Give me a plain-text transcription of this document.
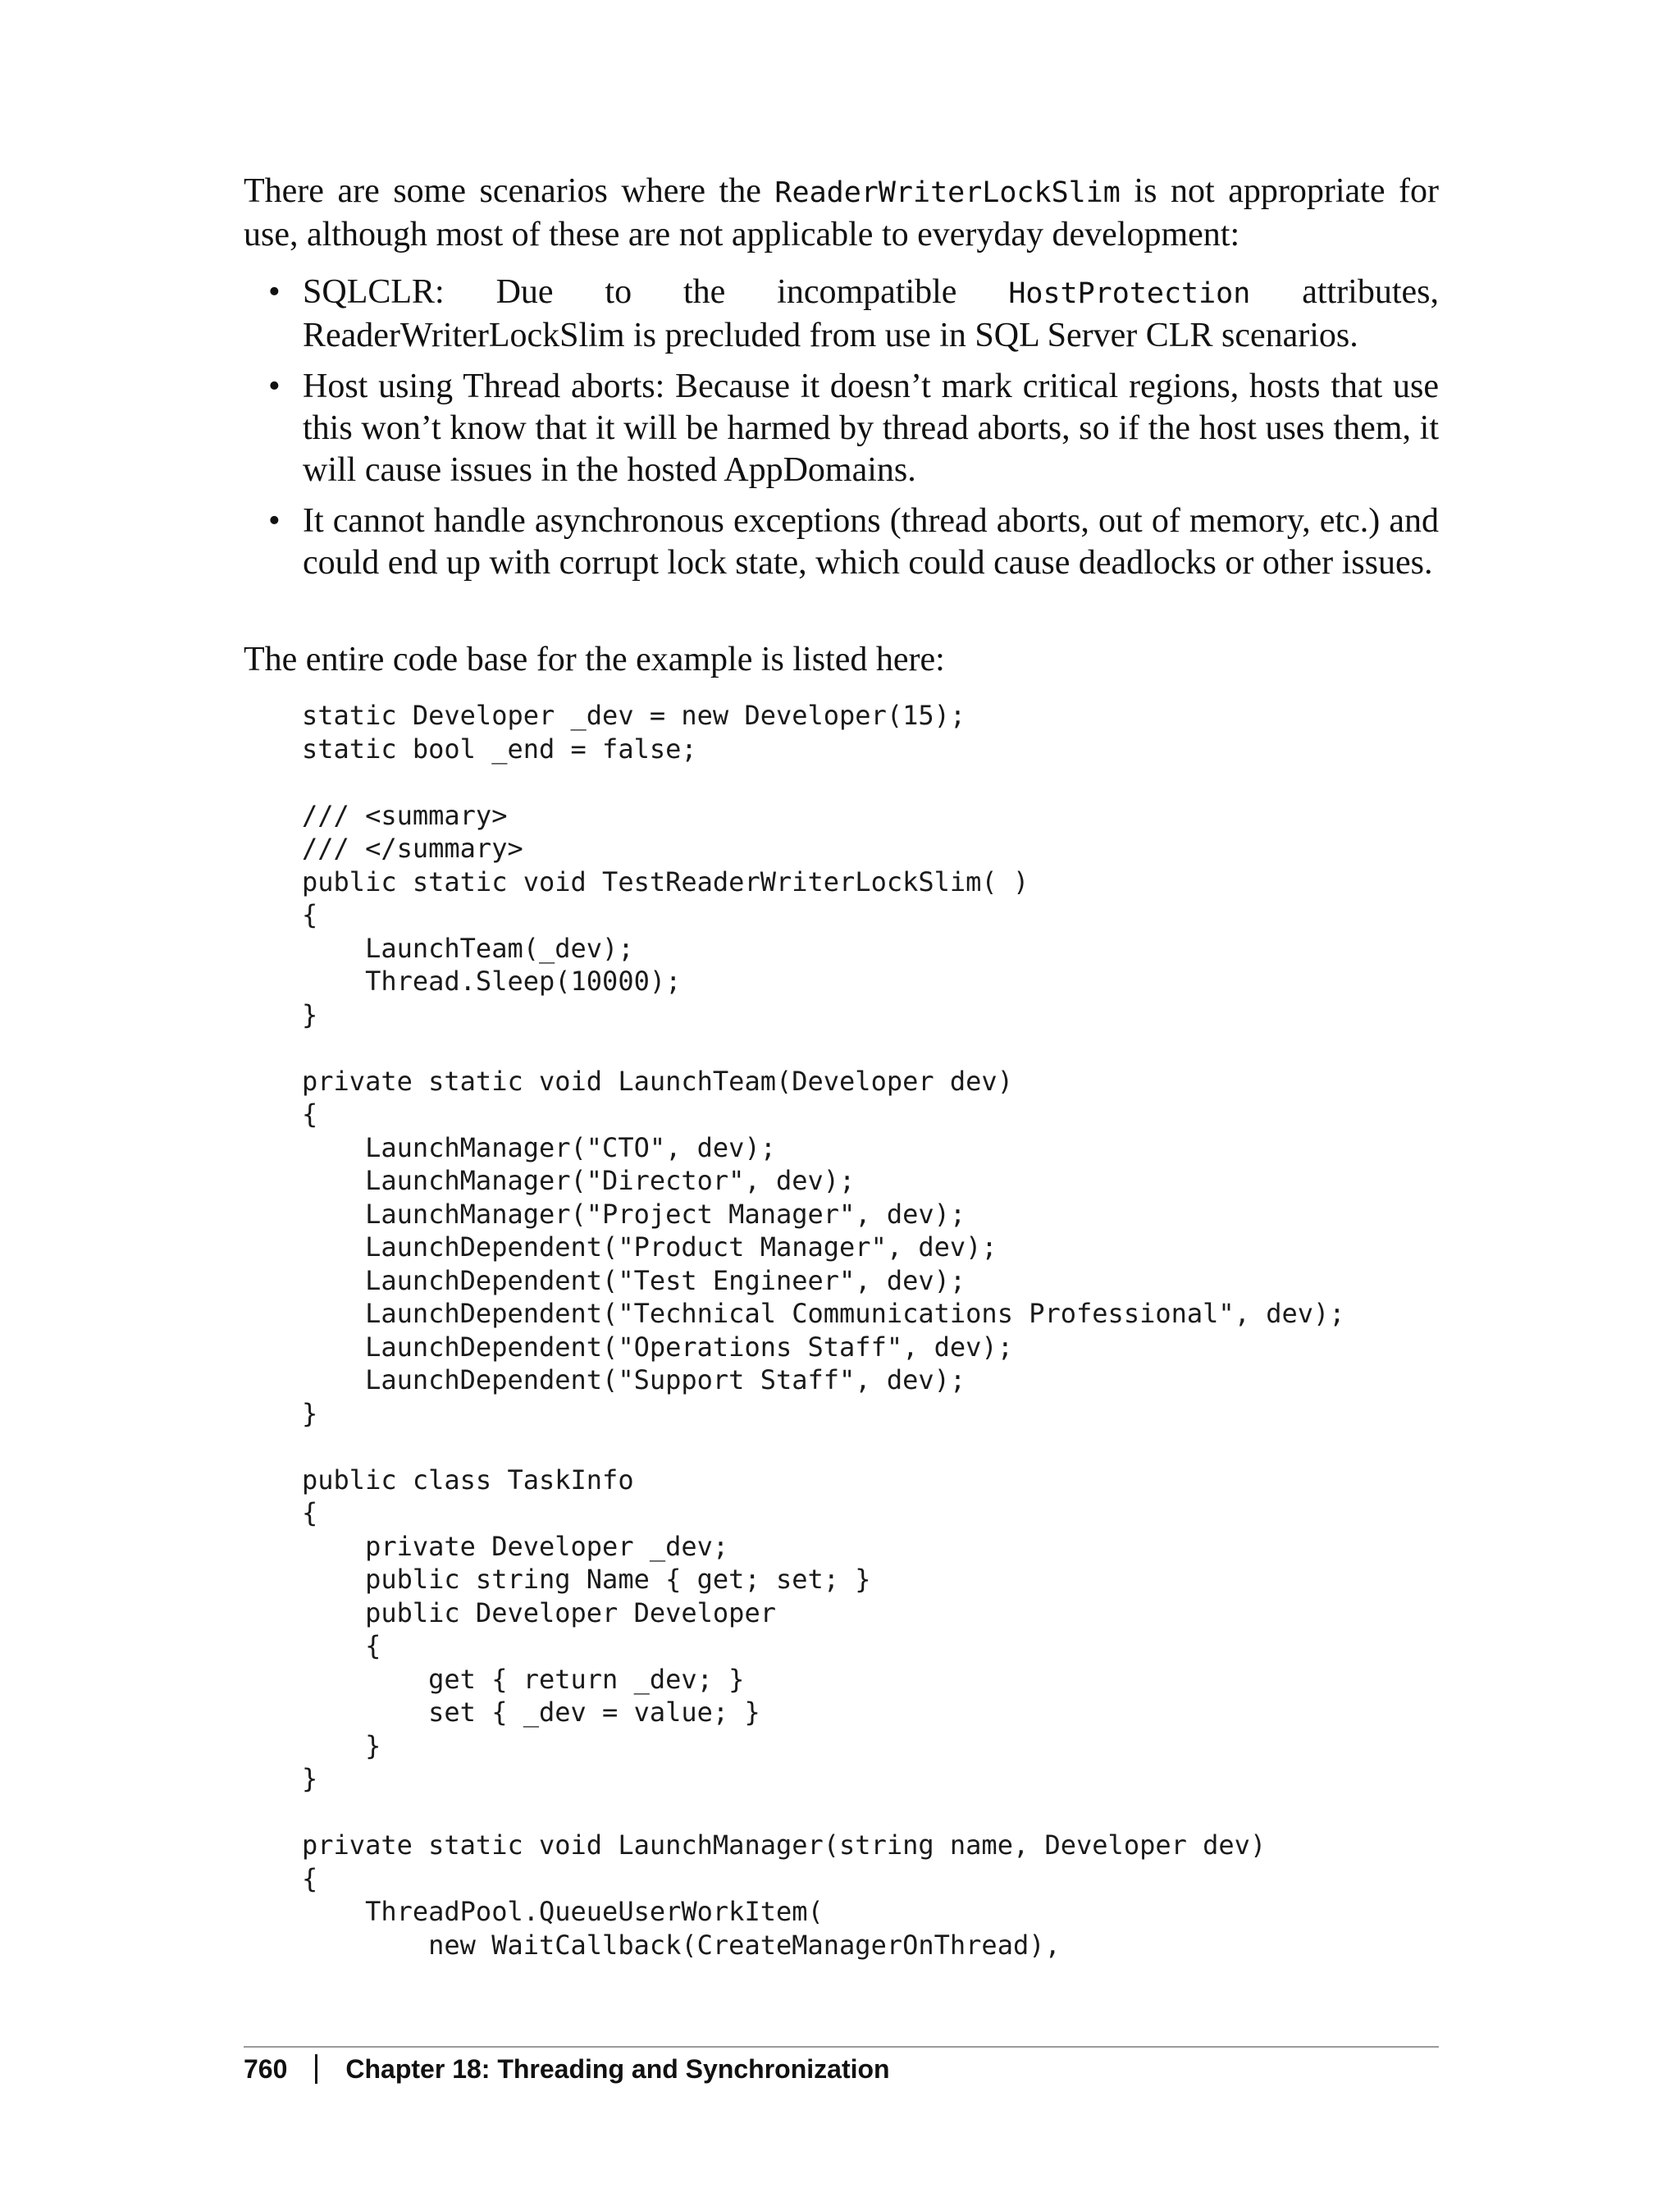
There are some scenarios where the ReaderWriterLockSlim is not appropriate for use, although most of these are not applicable to everyday development:

• SQLCLR: Due to the incompatible HostProtection attributes, ReaderWriterLockSlim is precluded from use in SQL Server CLR scenarios.
• Host using Thread aborts: Because it doesn’t mark critical regions, hosts that use this won’t know that it will be harmed by thread aborts, so if the host uses them, it will cause issues in the hosted AppDomains.
• It cannot handle asynchronous exceptions (thread aborts, out of memory, etc.) and could end up with corrupt lock state, which could cause deadlocks or other issues.

The entire code base for the example is listed here:

static Developer _dev = new Developer(15);
static bool _end = false;

/// <summary>
/// </summary>
public static void TestReaderWriterLockSlim( )
{
LaunchTeam(_dev);
Thread.Sleep(10000);
}

private static void LaunchTeam(Developer dev)
{
LaunchManager("CTO", dev);
LaunchManager("Director", dev);
LaunchManager("Project Manager", dev);
LaunchDependent("Product Manager", dev);
LaunchDependent("Test Engineer", dev);
LaunchDependent("Technical Communications Professional", dev);
LaunchDependent("Operations Staff", dev);
LaunchDependent("Support Staff", dev);
}

public class TaskInfo
{
private Developer _dev;
public string Name { get; set; }
public Developer Developer
{
get { return _dev; }
set { _dev = value; }
}
}

private static void LaunchManager(string name, Developer dev)
{
ThreadPool.QueueUserWorkItem(
new WaitCallback(CreateManagerOnThread),
760 Chapter 18: Threading and Synchronization
